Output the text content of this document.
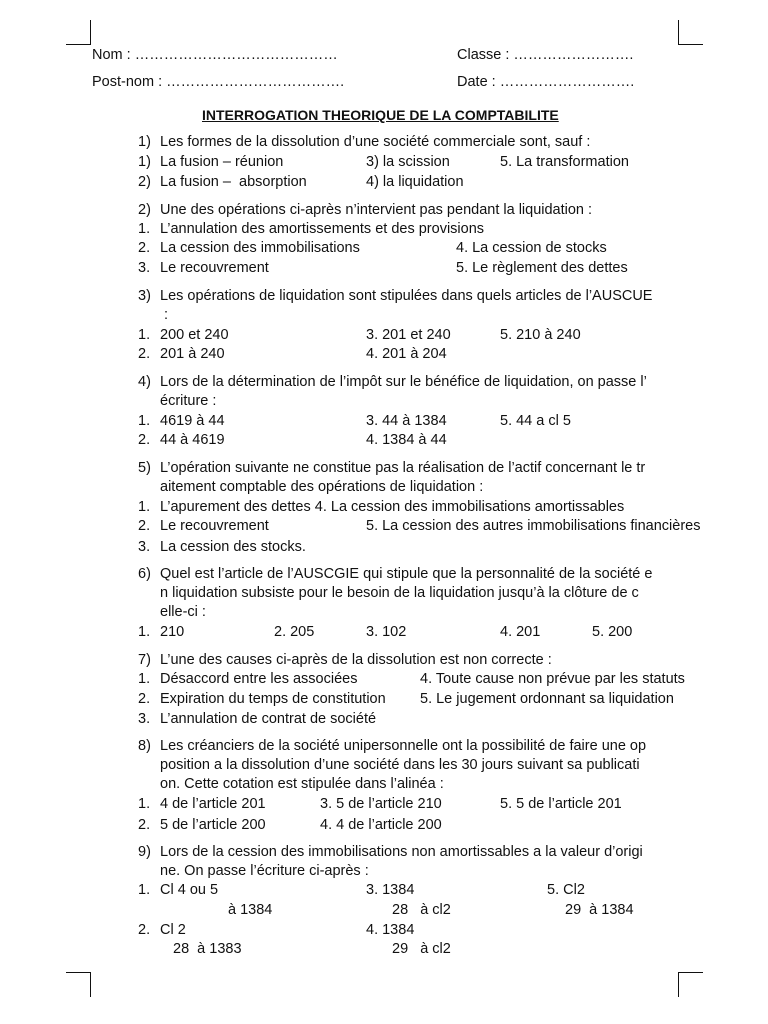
Nom : ……………………………………	Classe : …………………….
Post-nom : ……………………………….	Date : ……………………….
INTERROGATION THEORIQUE DE LA COMPTABILITE
1) Les formes de la dissolution d’une société commerciale sont, sauf :
1) La fusion – réunion	3) la scission	5. La transformation
2) La fusion –  absorption	4) la liquidation
2) Une des opérations ci-après n’intervient pas pendant la liquidation :
1. L’annulation des amortissements et des provisions
2. La cession des immobilisations	4. La cession de stocks
3. Le recouvrement	5. Le règlement des dettes
3) Les opérations de liquidation sont stipulées dans quels articles de l’AUSCUE
:
1. 200 et 240	3. 201 et 240	5. 210 à 240
2. 201 à 240	4. 201 à 204
4) Lors de la détermination de l’impôt sur le bénéfice de liquidation, on passe l’
écriture :
1. 4619 à 44	3. 44 à 1384	5. 44 a cl 5
2. 44 à 4619	4. 1384 à 44
5) L’opération suivante ne constitue pas la réalisation de l’actif concernant le tr
aitement comptable des opérations de liquidation :
1. L’apurement des dettes 4. La cession des immobilisations amortissables
2. Le recouvrement	5. La cession des autres immobilisations financières
3. La cession des stocks.
6) Quel est l’article de l’AUSCGIE qui stipule que la personnalité de la société e
n liquidation subsiste pour le besoin de la liquidation jusqu’à la clôture de c
elle-ci :
1. 210	2. 205	3. 102	4. 201	5. 200
7) L’une des causes ci-après de la dissolution est non correcte :
1. Désaccord entre les associées	4. Toute cause non prévue par les statuts
2. Expiration du temps de constitution 5. Le jugement ordonnant sa liquidation
3. L’annulation de contrat de société
8) Les créanciers de la société unipersonnelle ont la possibilité de faire une op
position a la dissolution d’une société dans les 30 jours suivant sa publicati
on. Cette cotation est stipulée dans l’alinéa :
1. 4 de l’article 201	3. 5 de l’article 210	5. 5 de l’article 201
2. 5 de l’article 200	4. 4 de l’article 200
9) Lors de la cession des immobilisations non amortissables a la valeur d’origi
ne. On passe l’écriture ci-après :
1. Cl 4 ou 5	3. 1384	5. Cl2
à 1384	28   à cl2	29  à 1384
2. Cl 2	4. 1384
28  à 1383	29   à cl2
